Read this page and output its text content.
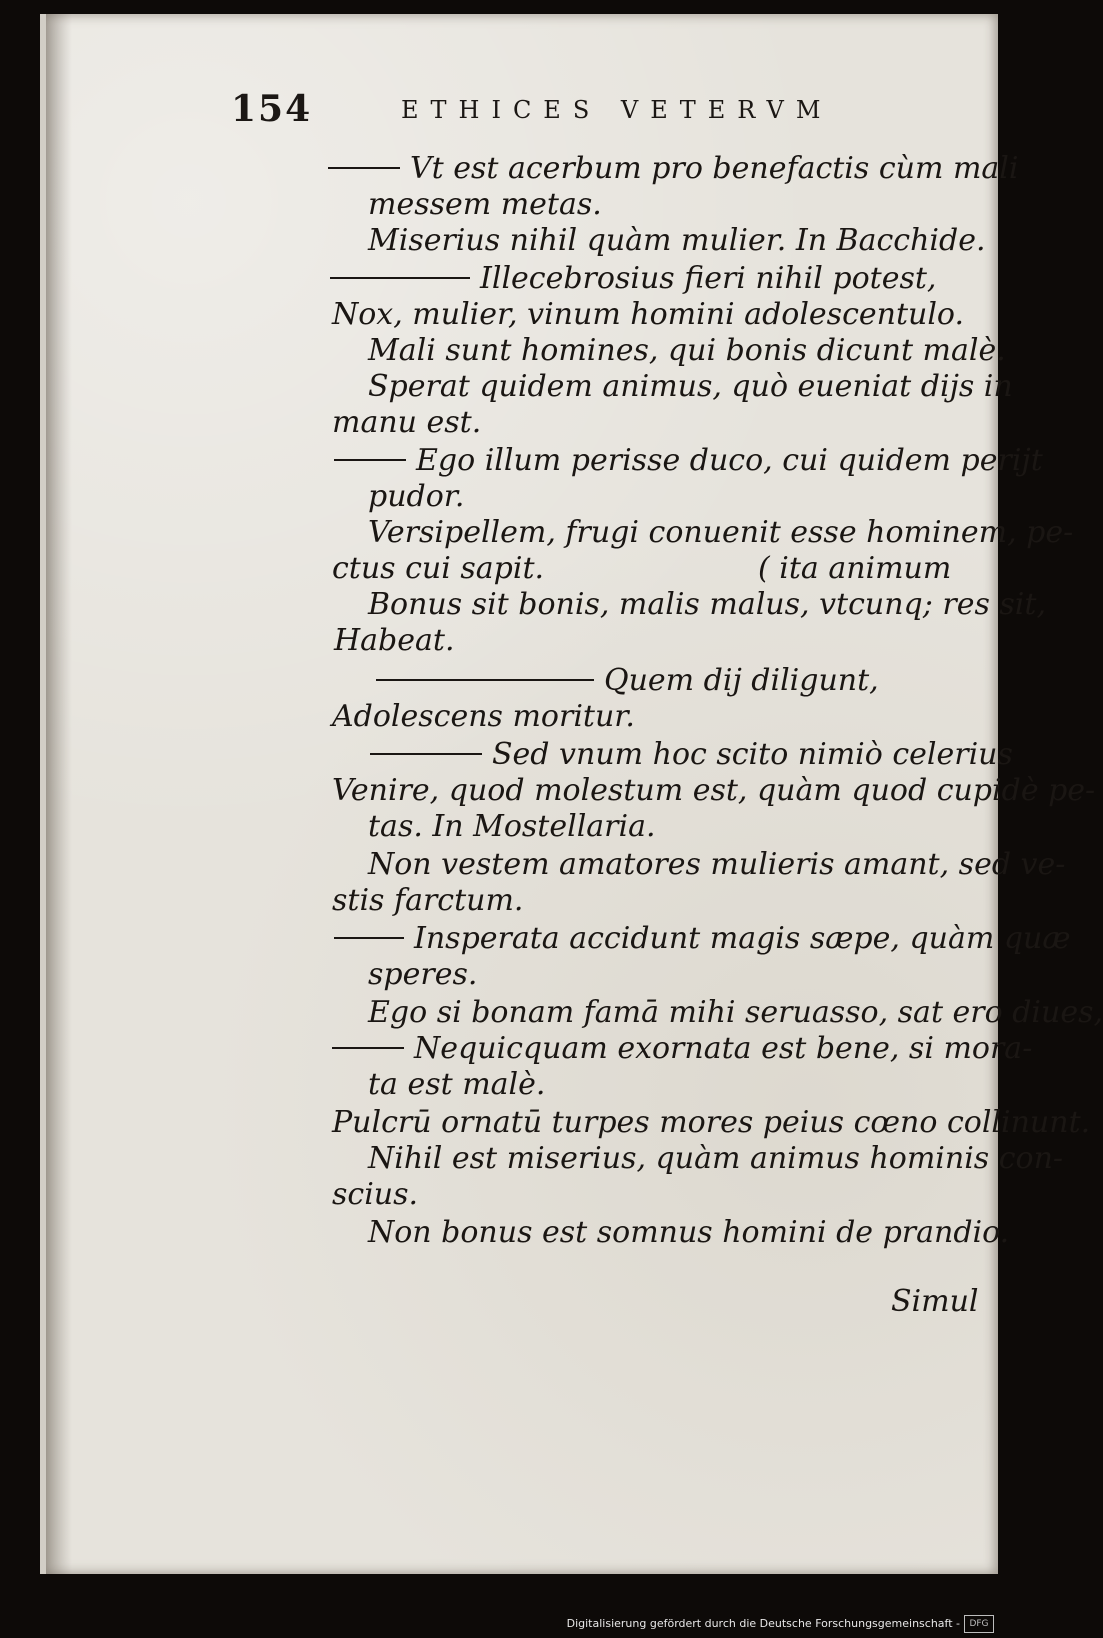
154	ETHICES VETERVM
Vt est acerbum pro benefactis cùm mali
messem metas.
Miserius nihil quàm mulier. In Bacchide.
Illecebrosius fieri nihil potest,
Nox, mulier, vinum homini adolescentulo.
Mali sunt homines, qui bonis dicunt malè.
Sperat quidem animus, quò eueniat dijs in
manu est.
Ego illum perisse duco, cui quidem perijt
pudor.
Versipellem, frugi conuenit esse hominem, pe-
ctus cui sapit.	( ita animum
Bonus sit bonis, malis malus, vtcunq; res sit,
Habeat.
Quem dij diligunt,
Adolescens moritur.
Sed vnum hoc scito nimiò celerius
Venire, quod molestum est, quàm quod cupidè pe-
tas. In Mostellaria.
Non vestem amatores mulieris amant, sed ve-
stis farctum.
Insperata accidunt magis sæpe, quàm quæ
speres.
Ego si bonam famā mihi seruasso, sat ero diues,
Nequicquam exornata est bene, si mora-
ta est malè.
Pulcrū ornatū turpes mores peius cœno collinunt.
Nihil est miserius, quàm animus hominis con-
scius.
Non bonus est somnus homini de prandio.
Simul
Digitalisierung gefördert durch die Deutsche Forschungsgemeinschaft -	DFG
